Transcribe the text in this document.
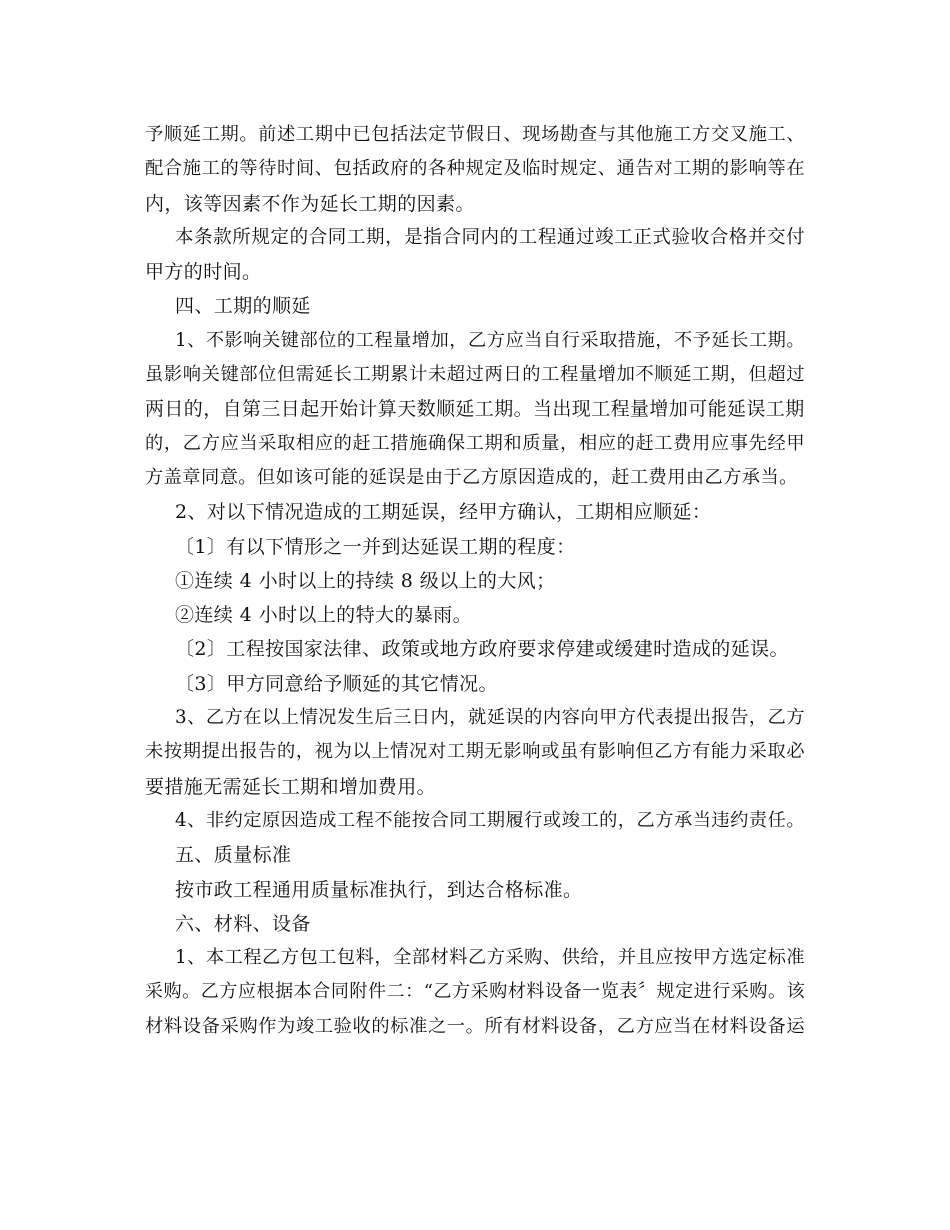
予顺延工期。前述工期中已包括法定节假日、现场勘查与其他施工方交叉施工、
配合施工的等待时间、包括政府的各种规定及临时规定、通告对工期的影响等在
内，该等因素不作为延长工期的因素。
本条款所规定的合同工期，是指合同内的工程通过竣工正式验收合格并交付
甲方的时间。
四、工期的顺延
1、不影响关键部位的工程量增加，乙方应当自行采取措施，不予延长工期。
虽影响关键部位但需延长工期累计未超过两日的工程量增加不顺延工期，但超过
两日的，自第三日起开始计算天数顺延工期。当出现工程量增加可能延误工期
的，乙方应当采取相应的赶工措施确保工期和质量，相应的赶工费用应事先经甲
方盖章同意。但如该可能的延误是由于乙方原因造成的，赶工费用由乙方承当。
2、对以下情况造成的工期延误，经甲方确认，工期相应顺延：
〔1〕有以下情形之一并到达延误工期的程度：
①连续 4 小时以上的持续 8 级以上的大风；
②连续 4 小时以上的特大的暴雨。
〔2〕工程按国家法律、政策或地方政府要求停建或缓建时造成的延误。
〔3〕甲方同意给予顺延的其它情况。
3、乙方在以上情况发生后三日内，就延误的内容向甲方代表提出报告，乙方
未按期提出报告的，视为以上情况对工期无影响或虽有影响但乙方有能力采取必
要措施无需延长工期和增加费用。
4、非约定原因造成工程不能按合同工期履行或竣工的，乙方承当违约责任。
五、质量标准
按市政工程通用质量标准执行，到达合格标准。
六、材料、设备
1、本工程乙方包工包料，全部材料乙方采购、供给，并且应按甲方选定标准
采购。乙方应根据本合同附件二：“乙方采购材料设备一览表〞规定进行采购。该
材料设备采购作为竣工验收的标准之一。所有材料设备，乙方应当在材料设备运
